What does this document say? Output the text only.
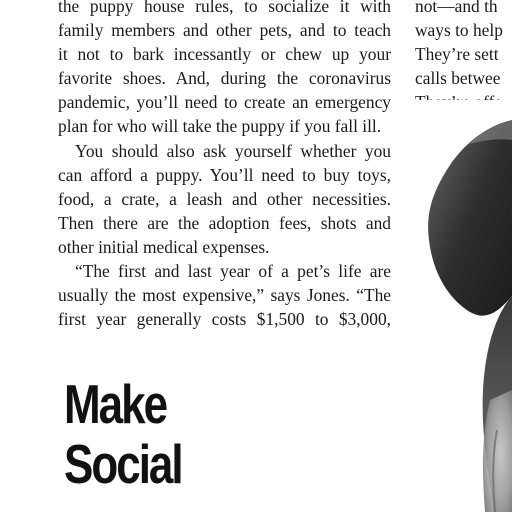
the puppy house rules, to socialize it with
family members and other pets, and to teach
it not to bark incessantly or chew up your
favorite shoes. And, during the coronavirus
pandemic, you’ll need to create an emergency
plan for who will take the puppy if you fall ill.
You should also ask yourself whether you
can afford a puppy. You’ll need to buy toys,
food, a crate, a leash and other necessities.
Then there are the adoption fees, shots and
other initial medical expenses.
“The first and last year of a pet’s life are
usually the most expensive,” says Jones. “The
first year generally costs $1,500 to $3,000,
not—and th
ways to help
They’re sett
calls betwee
Make
Social
